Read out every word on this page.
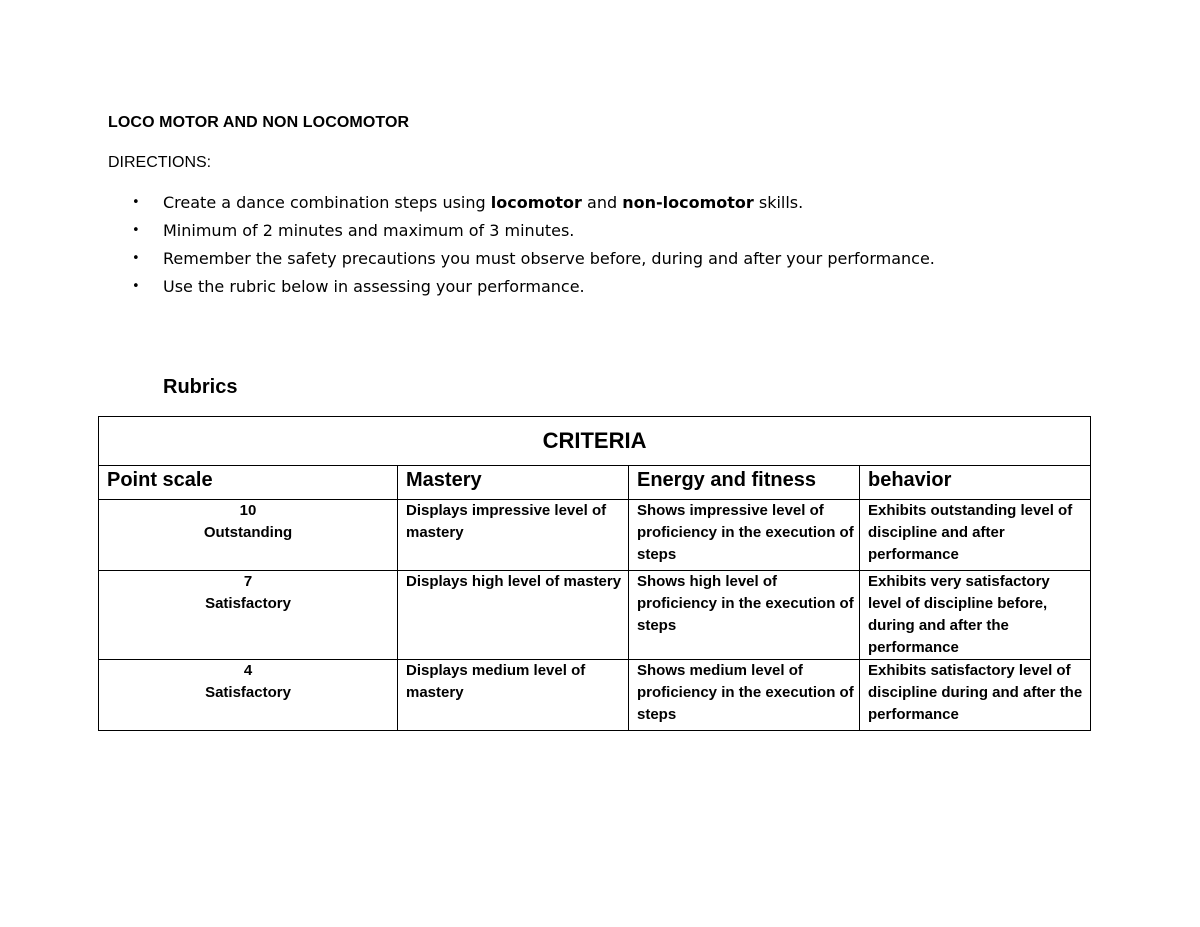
LOCO MOTOR AND NON LOCOMOTOR
DIRECTIONS:
•	Create a dance combination steps using locomotor and non-locomotor skills.
•	Minimum of 2 minutes and maximum of 3 minutes.
•	Remember the safety precautions you must observe before, during and after your performance.
•	Use the rubric below in assessing your performance.
Rubrics
CRITERIA			
Point scale	Mastery	Energy and fitness	behavior

10
Outstanding	Displays impressive level of mastery	Shows impressive level of proficiency in the execution of steps	Exhibits outstanding level of discipline and after performance

7
Satisfactory	Displays high level of mastery	Shows high level of proficiency in the execution of steps	Exhibits very satisfactory level of discipline before, during and after the performance

4
Satisfactory	Displays medium level of mastery	Shows medium level of proficiency in the execution of steps	Exhibits satisfactory level of discipline during and after the performance
